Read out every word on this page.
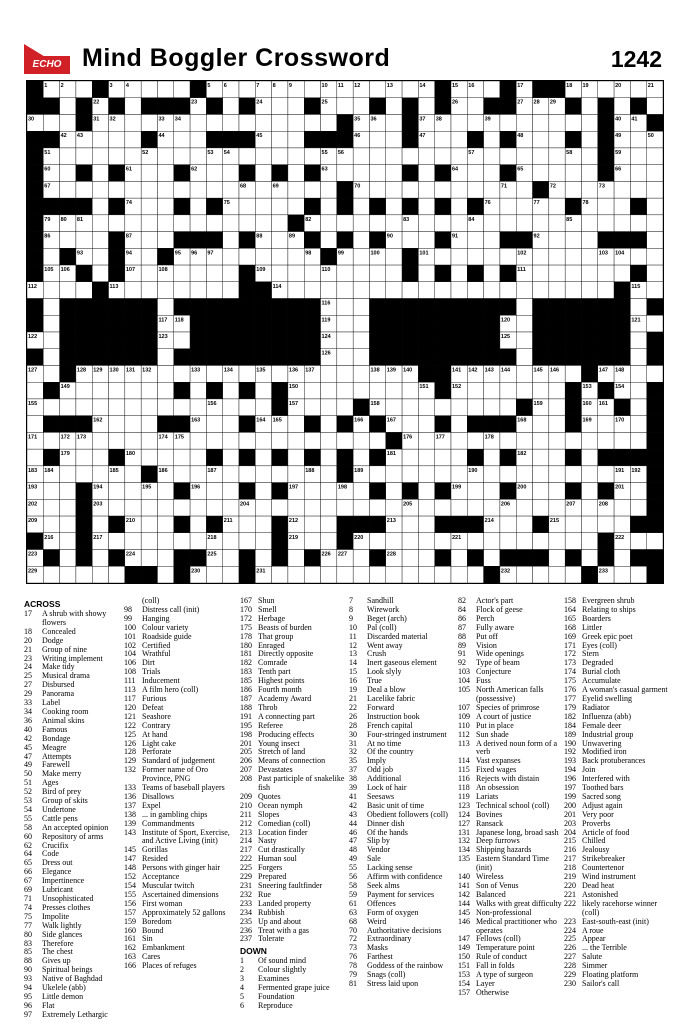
ECHO Mind Boggler Crossword	1242
1 2	3 4	5 6	7 8 9	10 11 12	13	14	15 16	17	18 19	20	21
22	23	24	25	26	27 28 29
30	31 32	33 34	35 36	37 38	39	40 41
42 43	44	45	46	47	48	49	50
51	52	53 54	55 56	57	58	59
60	61	62	63	64	65	66
67	68	69	70	71	72	73
74	75	76	77	78
79 80 81	82	83	84	85
86	87	88	89	90	91	92
93	94	95 96 97	98	99	100	101	102	103 104
105 106	107	108	109	110	111
112	113	114	115
116
117 118	119	120	121
122	123	124	125
126
127	128 129 130 131 132	133	134	135	136 137	138 139 140	141 142 143 144	145 146	147 148
149	150	151	152	153	154
155	156	157	158	159	160 161
162	163	164 165	166	167	168	169	170
171	172 173	174 175	176	177	178
179	180	181	182
183 184	185	186	187	188	189	190	191 192
193	194	195	196	197	198	199	200	201
202	203	204	205	206	207	208
209	210	211	212	213	214	215
216	217	218	219	220	221	222
223	224	225	226 227	228
229	230	231	232	233
ACROSS
17	A shrub with showy flowers
18	Concealed
20	Dodge
21	Group of nine
23	Writing implement
24	Make tidy
25	Musical drama
27	Disbursed
29	Panorama
33	Label
34	Cooking room
36	Animal skins
40	Famous
42	Bondage
45	Meagre
47	Attempts
49	Farewell
50	Make merry
51	Ages
52	Bird of prey
53	Group of skits
54	Undertone
55	Cattle pens
58	An accepted opinion
60	Repository of arms
62	Crucifix
64	Code
65	Dress out
66	Elegance
67	Impertinence
69	Lubricant
71	Unsophisticated
74	Presses clothes
75	Impolite
77	Walk lightly
80	Side glances
83	Therefore
85	The chest
88	Gives up
90	Spiritual beings
93	Native of Baghdad
94	Ukelele (abb)
95	Little demon
96	Flat
97	Extremely Lethargic
(coll)
98	Distress call (init)
99	Hanging
100 Colour variety
101 Roadside guide
102 Certified
104 Wrathful
106 Dirt
108 Trials
111 Inducement
113 A film hero (coll)
117 Furious
120 Defeat
121 Seashore
122 Contrary
125 At hand
126 Light cake
128 Perforate
129 Standard of judgement
132 Former name of Oro Province, PNG
133 Teams of baseball players
136 Disallows
137 Expel
138 ... in gambling chips
139 Commandments
143 Institute of Sport, Exercise, and Active Living (init)
145 Gorillas
147 Resided
148 Persons with ginger hair
152 Acceptance
154 Muscular twitch
155 Ascertained dimensions
156 First woman
157 Approximately 52 gallons
159 Boredom
160 Bound
161 Sin
162 Embankment
163 Cares
166 Places of refuges
167 Shun
170 Smell
172 Herbage
175 Beasts of burden
178 That group
180 Enraged
181 Directly opposite
182 Comrade
183 Tenth part
185 Highest points
186 Fourth month
187 Academy Award
188 Throb
191 A connecting part
195 Referee
198 Producing effects
201 Young insect
205 Stretch of land
206 Means of connection
207 Devastates
208 Past participle of snakelike fish
209 Quotes
210 Ocean nymph
211 Slopes
212 Comedian (coll)
213 Location finder
214 Nasty
217 Cut drastically
222 Human soul
225 Forgers
229 Prepared
231 Sneering faultfinder
232 Rue
233 Landed property
234 Rubbish
235 Up and about
236 Treat with a gas
237 Tolerate
DOWN
1	Of sound mind
2	Colour slightly
3	Examines
4	Fermented grape juice
5	Foundation
6	Reproduce
7	Sandhill
8	Wirework
9	Beget (arch)
10	Pal (coll)
11	Discarded material
12	Went away
13	Crush
14	Inert gaseous element
15	Look slyly
16	True
19	Deal a blow
21	Lacelike fabric
22	Forward
26	Instruction book
28	French capital
30	Four-stringed instrument
31	At no time
32	Of the country
35	Imply
37	Odd job
38	Additional
39	Lock of hair
41	Seesaws
42	Basic unit of time
43	Obedient followers (coll)
44	Dinner dish
46	Of the hands
47	Slip by
48	Vendor
49	Sale
55	Lacking sense
56	Affirm with confidence
58	Seek alms
59	Payment for services
61	Offences
63	Form of oxygen
68	Weird
70	Authoritative decisions
72	Extraordinary
73	Masks
76	Farthest
78	Goddess of the rainbow
79	Snags (coll)
81	Stress laid upon
82	Actor's part
84	Flock of geese
86	Perch
87	Fully aware
88	Put off
89	Vision
91	Wide openings
92	Type of beam
103 Conjecture
104 Fuss
105 North American falls (possessive)
107 Species of primrose
109 A court of justice
110 Put in place
112 Sun shade
113 A derived noun form of a verb
114 Vast expanses
115 Fixed wages
116 Rejects with distain
118 An obsession
119 Lariats
123 Technical school (coll)
124 Bovines
127 Ransack
131 Japanese long, broad sash
132 Deep furrows
134 Shipping hazards
135 Eastern Standard Time (init)
140 Wireless
141 Son of Venus
142 Balanced
144 Walks with great difficulty
145 Non-professional
146 Medical practitioner who operates
147 Fellows (coll)
149 Temperature point
150 Rule of conduct
151 Fall in folds
153 A type of surgeon
154 Layer
157 Otherwise
158 Evergreen shrub
164 Relating to ships
165 Boarders
168 Littler
169 Greek epic poet
171 Eyes (coll)
172 Stern
173 Degraded
174 Burial cloth
175 Accumulate
176 A woman's casual garment
177 Eyelid swelling
179 Radiator
182 Influenza (abb)
184 Female deer
189 Industrial group
190 Unwavering
192 Modified iron
193 Back protuberances
194 Join
196 Interfered with
197 Toothed bars
199 Sacred song
200 Adjust again
201 Very poor
203 Proverbs
204 Article of food
215 Chilled
216 Jealousy
217 Strikebreaker
218 Countertenor
219 Wind instrument
220 Dead heat
221 Astonished
222 likely racehorse winner (coll)
223 East-south-east (init)
224 A roue
225 Appear
226 ... the Terrible
227 Salute
228 Simmer
229 Floating platform
230 Sailor's call
